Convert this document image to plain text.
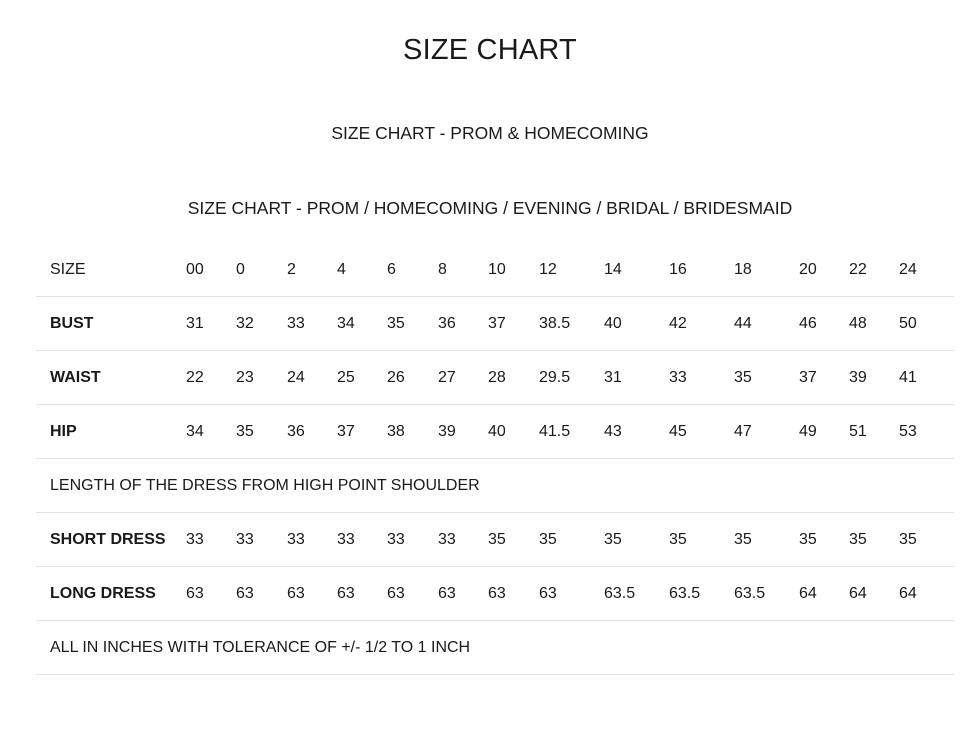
SIZE CHART
SIZE CHART - PROM & HOMECOMING
SIZE CHART - PROM / HOMECOMING / EVENING / BRIDAL / BRIDESMAID
SIZE	00	0	2	4	6	8	10	12	14	16	18	20	22	24
BUST	31	32	33	34	35	36	37	38.5	40	42	44	46	48	50
WAIST	22	23	24	25	26	27	28	29.5	31	33	35	37	39	41
HIP	34	35	36	37	38	39	40	41.5	43	45	47	49	51	53
LENGTH OF THE DRESS FROM HIGH POINT SHOULDER														
SHORT DRESS	33	33	33	33	33	33	35	35	35	35	35	35	35	35
LONG DRESS	63	63	63	63	63	63	63	63	63.5	63.5	63.5	64	64	64
ALL IN INCHES WITH TOLERANCE OF +/- 1/2 TO 1 INCH														
